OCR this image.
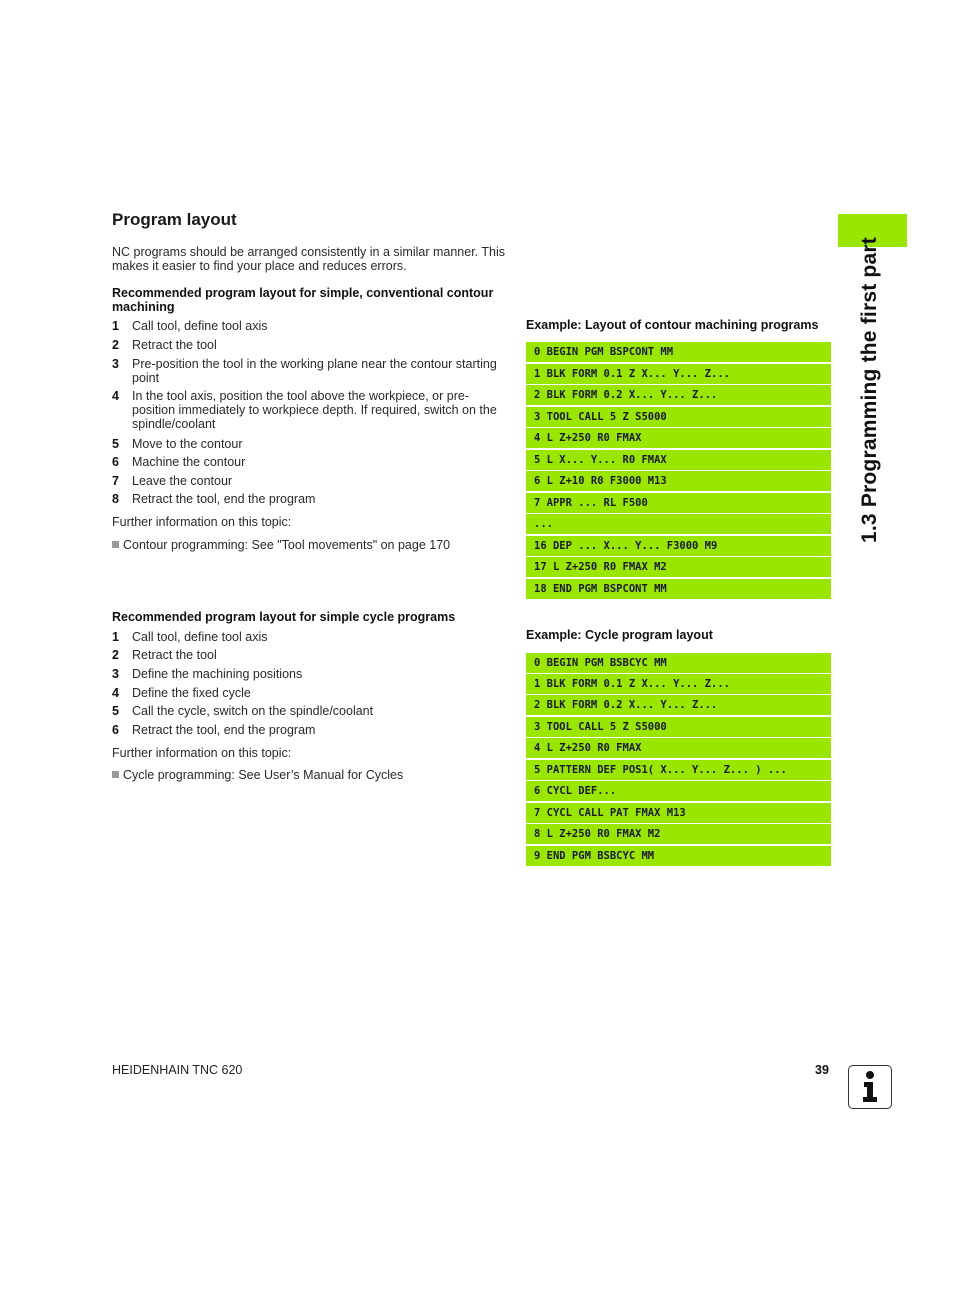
1.3 Programming the first part
Program layout

NC programs should be arranged consistently in a similar manner. This makes it easier to find your place and reduces errors.

Recommended program layout for simple, conventional contour machining

1 Call tool, define tool axis
2 Retract the tool
3 Pre-position the tool in the working plane near the contour starting point
4 In the tool axis, position the tool above the workpiece, or pre-position immediately to workpiece depth. If required, switch on the spindle/coolant
5 Move to the contour
6 Machine the contour
7 Leave the contour
8 Retract the tool, end the program

Further information on this topic:

Contour programming: See "Tool movements" on page 170

Example: Layout of contour machining programs

0 BEGIN PGM BSPCONT MM
1 BLK FORM 0.1 Z X... Y... Z...
2 BLK FORM 0.2 X... Y... Z...
3 TOOL CALL 5 Z S5000
4 L Z+250 R0 FMAX
5 L X... Y... R0 FMAX
6 L Z+10 R0 F3000 M13
7 APPR ... RL F500
...
16 DEP ... X... Y... F3000 M9
17 L Z+250 R0 FMAX M2
18 END PGM BSPCONT MM

Recommended program layout for simple cycle programs

1 Call tool, define tool axis
2 Retract the tool
3 Define the machining positions
4 Define the fixed cycle
5 Call the cycle, switch on the spindle/coolant
6 Retract the tool, end the program

Further information on this topic:

Cycle programming: See User’s Manual for Cycles

Example: Cycle program layout

0 BEGIN PGM BSBCYC MM
1 BLK FORM 0.1 Z X... Y... Z...
2 BLK FORM 0.2 X... Y... Z...
3 TOOL CALL 5 Z S5000
4 L Z+250 R0 FMAX
5 PATTERN DEF POS1( X... Y... Z... ) ...
6 CYCL DEF...
7 CYCL CALL PAT FMAX M13
8 L Z+250 R0 FMAX M2
9 END PGM BSBCYC MM
HEIDENHAIN TNC 620	39
